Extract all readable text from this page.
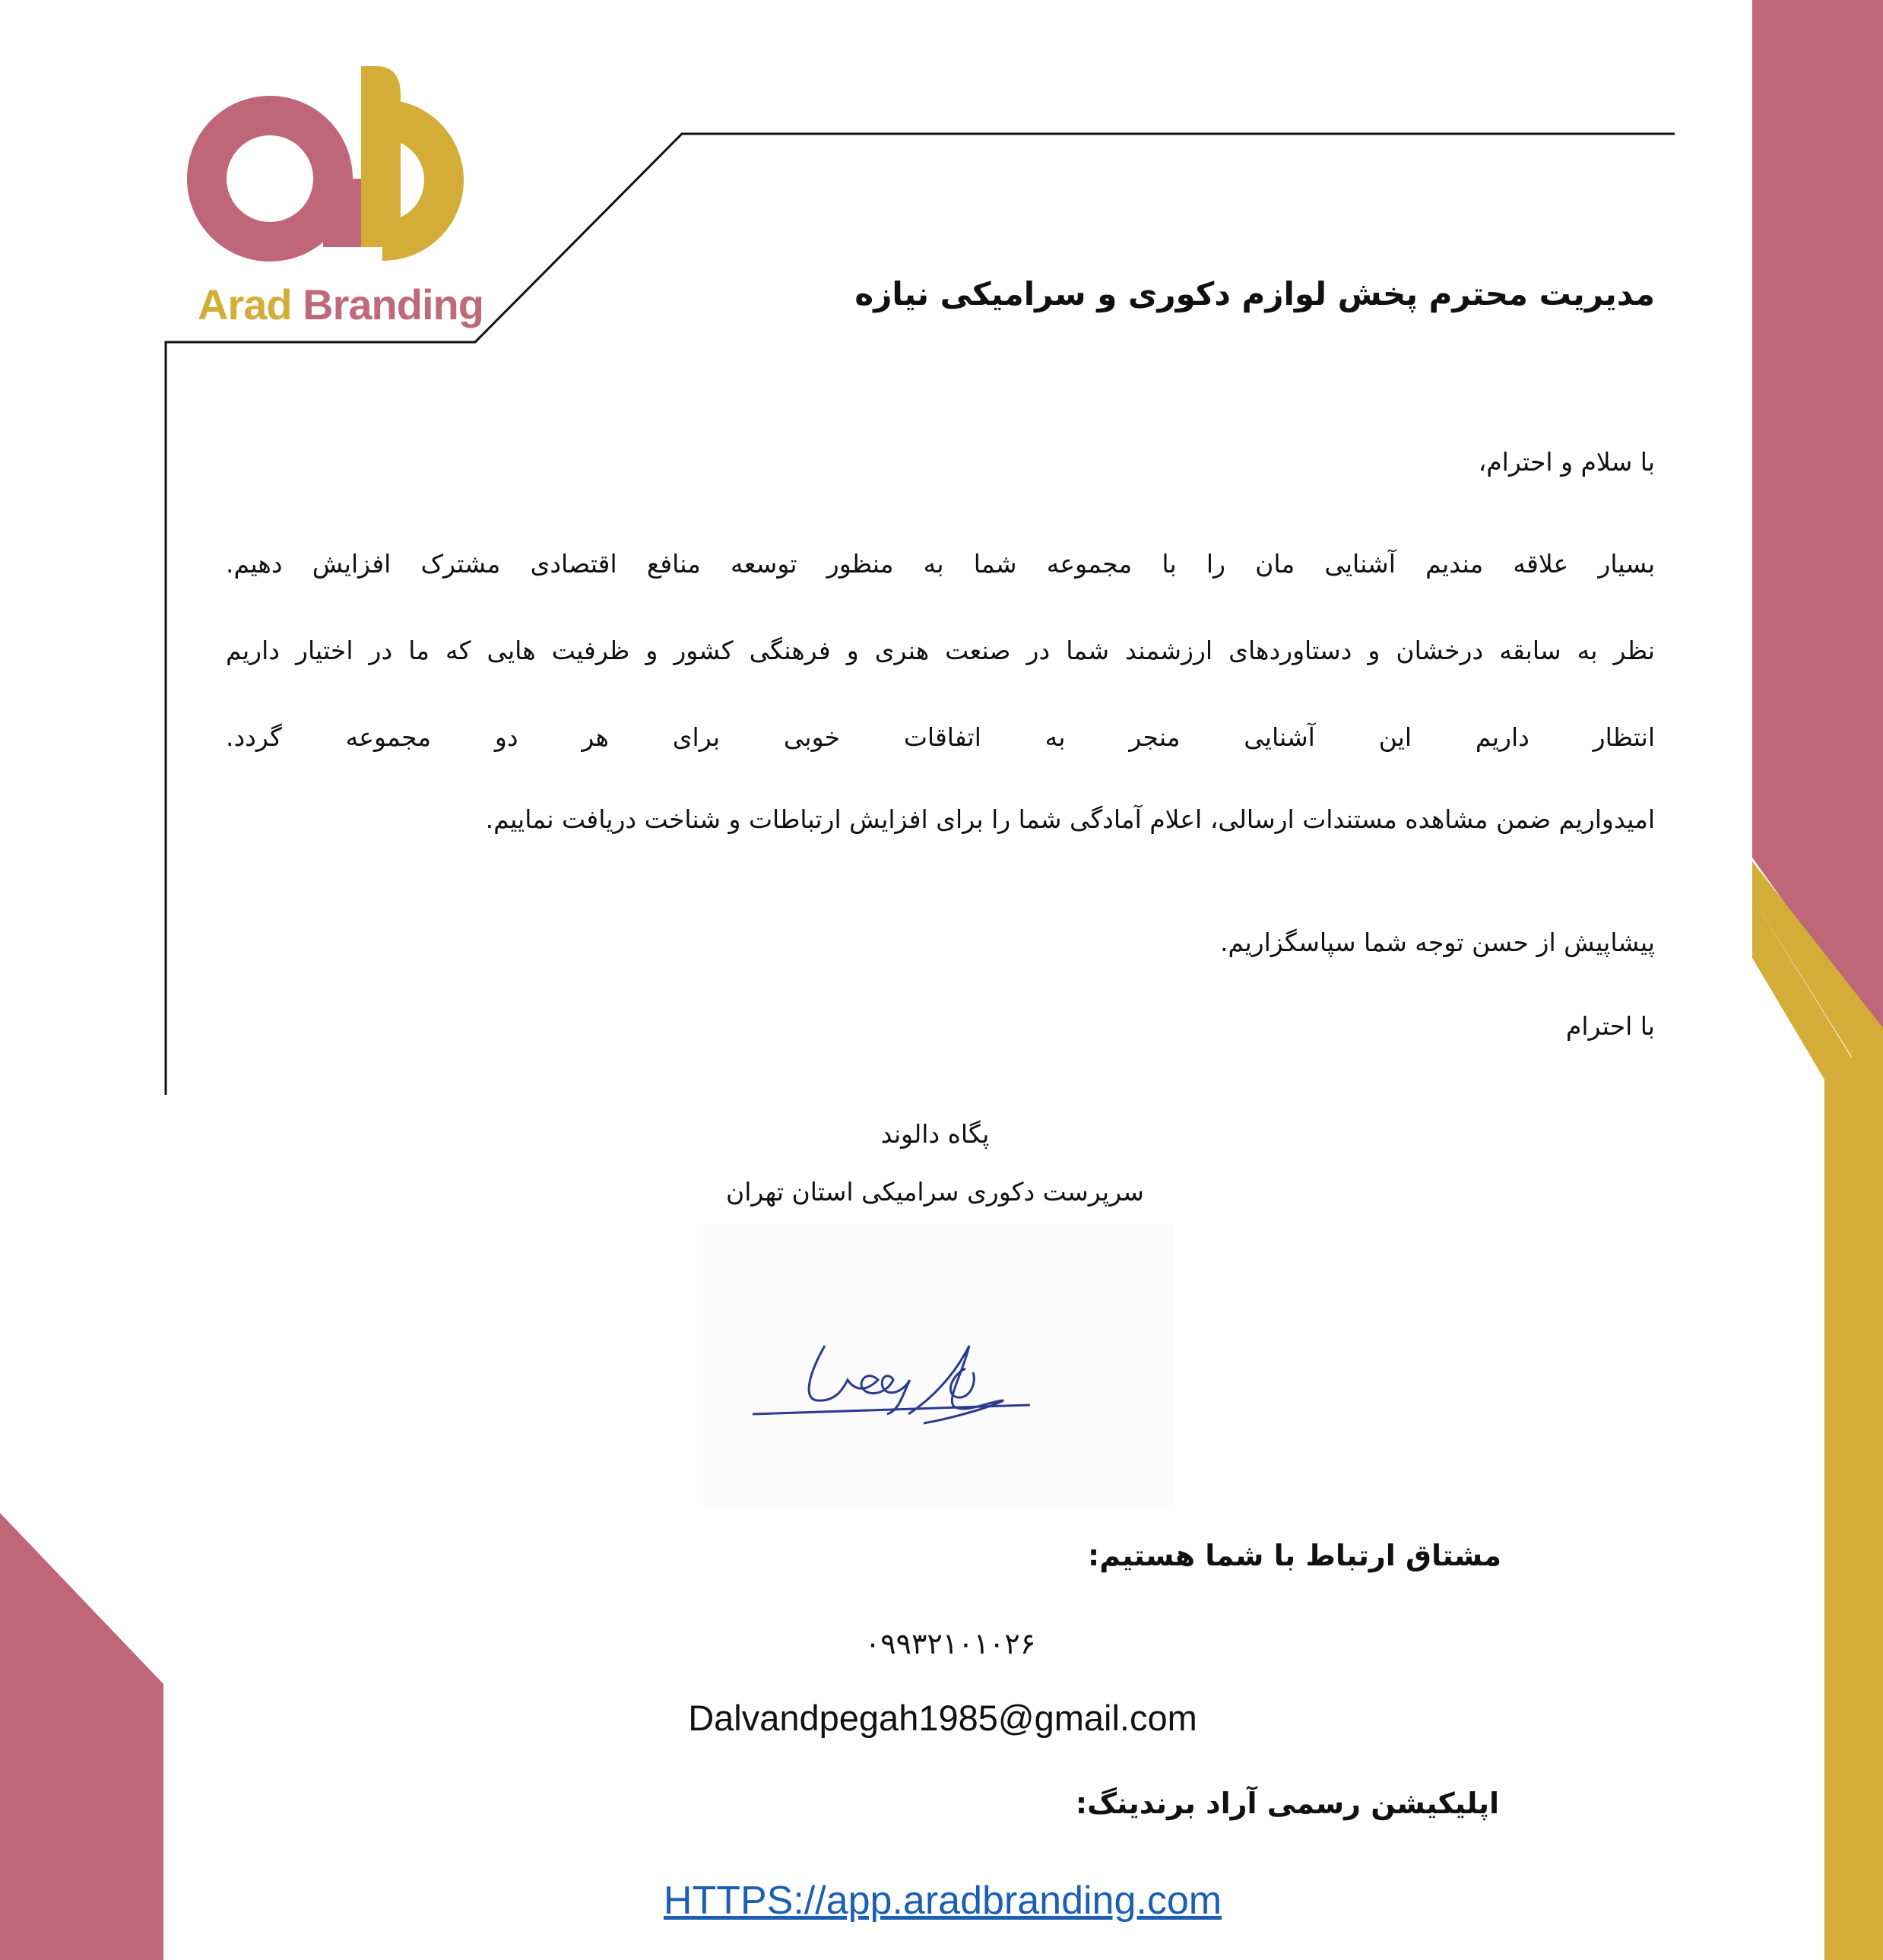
Arad Branding	مدیریت محترم پخش لوازم دکوری و سرامیکی نیازه
با سلام و احترام،
بسیار علاقه مندیم آشنایی مان را با مجموعه شما به منظور توسعه منافع اقتصادی مشترک افزایش دهیم.
نظر به سابقه درخشان و دستاوردهای ارزشمند شما در صنعت هنری و فرهنگی کشور و ظرفیت هایی که ما در اختیار داریم
انتظار داریم این آشنایی منجر به اتفاقات خوبی برای هر دو مجموعه گردد.
امیدواریم ضمن مشاهده مستندات ارسالی، اعلام آمادگی شما را برای افزایش ارتباطات و شناخت دریافت نماییم.
پیشاپیش از حسن توجه شما سپاسگزاریم.
با احترام
پگاه دالوند
سرپرست دکوری سرامیکی استان تهران
مشتاق ارتباط با شما هستیم:
۰۹۹۳۲۱۰۱۰۲۶
Dalvandpegah1985@gmail.com
اپلیکیشن رسمی آراد برندینگ:
HTTPS://app.aradbranding.com
